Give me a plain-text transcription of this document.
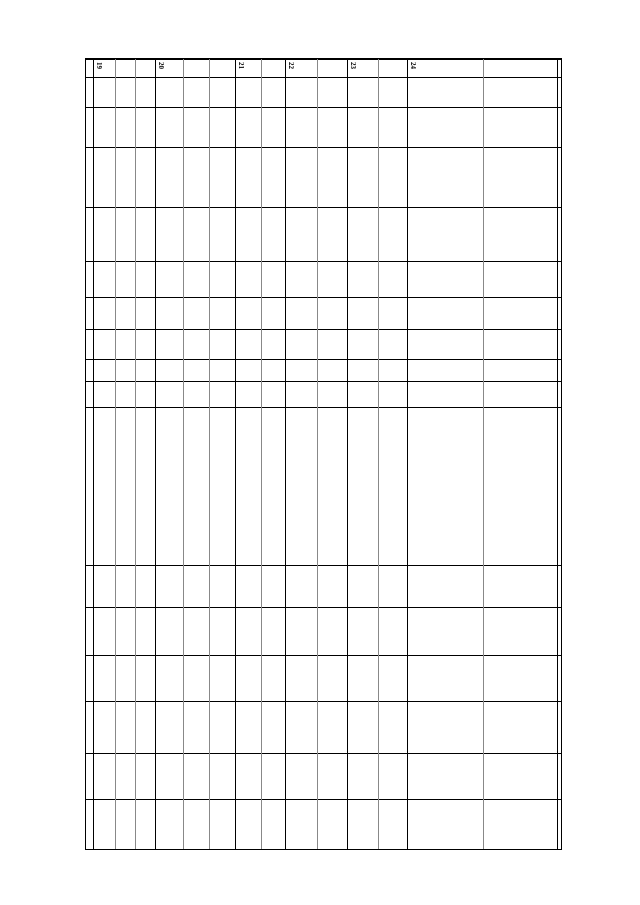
19	20	21	22	23	24
